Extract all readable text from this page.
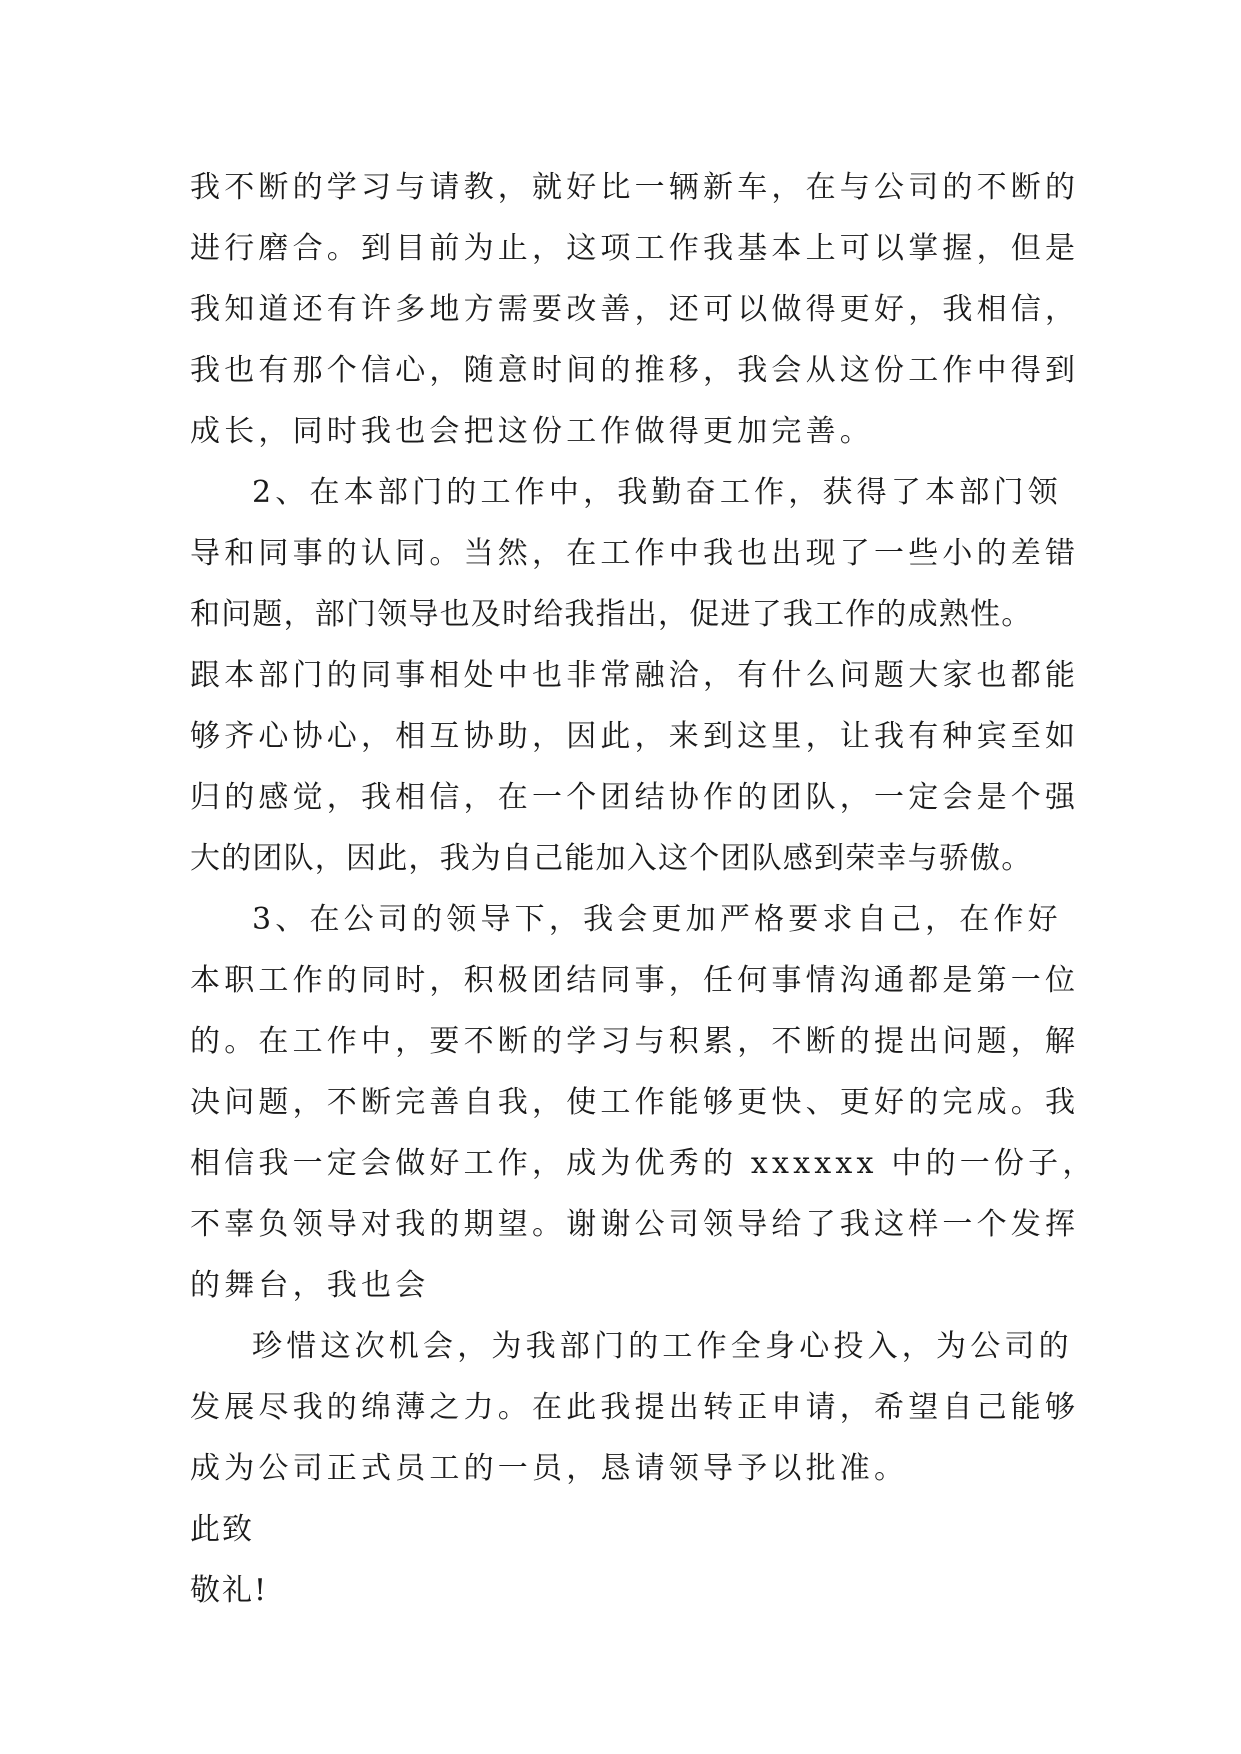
我不断的学习与请教，就好比一辆新车，在与公司的不断的
进行磨合。到目前为止，这项工作我基本上可以掌握，但是
我知道还有许多地方需要改善，还可以做得更好，我相信，
我也有那个信心，随意时间的推移，我会从这份工作中得到
成长，同时我也会把这份工作做得更加完善。
2、在本部门的工作中，我勤奋工作，获得了本部门领
导和同事的认同。当然，在工作中我也出现了一些小的差错
和问题，部门领导也及时给我指出，促进了我工作的成熟性。
跟本部门的同事相处中也非常融洽，有什么问题大家也都能
够齐心协心，相互协助，因此，来到这里，让我有种宾至如
归的感觉，我相信，在一个团结协作的团队，一定会是个强
大的团队，因此，我为自己能加入这个团队感到荣幸与骄傲。
3、在公司的领导下，我会更加严格要求自己，在作好
本职工作的同时，积极团结同事，任何事情沟通都是第一位
的。在工作中，要不断的学习与积累，不断的提出问题，解
决问题，不断完善自我，使工作能够更快、更好的完成。我
相信我一定会做好工作，成为优秀的 xxxxxx 中的一份子，
不辜负领导对我的期望。谢谢公司领导给了我这样一个发挥
的舞台，我也会
珍惜这次机会，为我部门的工作全身心投入，为公司的
发展尽我的绵薄之力。在此我提出转正申请，希望自己能够
成为公司正式员工的一员，恳请领导予以批准。
此致
敬礼!
